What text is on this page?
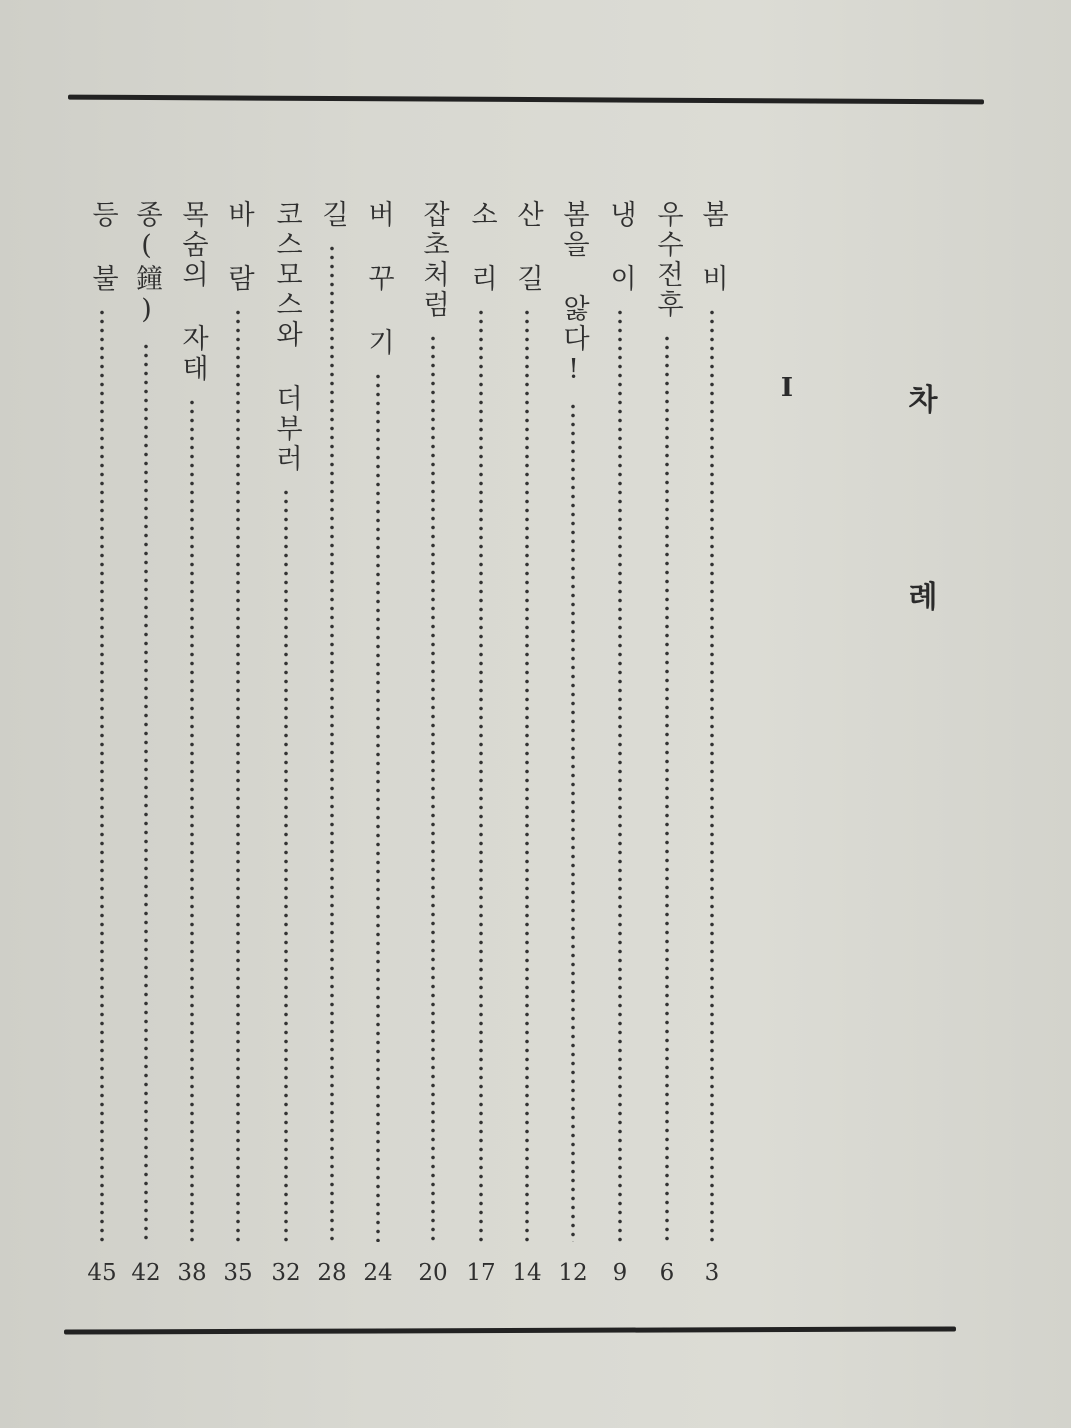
차
례
I
봄 비
3
우수전후
6
냉 이
9
봄을 앓다!
12
산 길
14
소 리
17
잡초처럼
20
버 꾸 기
24
길
28
코스모스와 더부러
32
바 람
35
목숨의 자태
38
종(鐘)
42
등 불
45
